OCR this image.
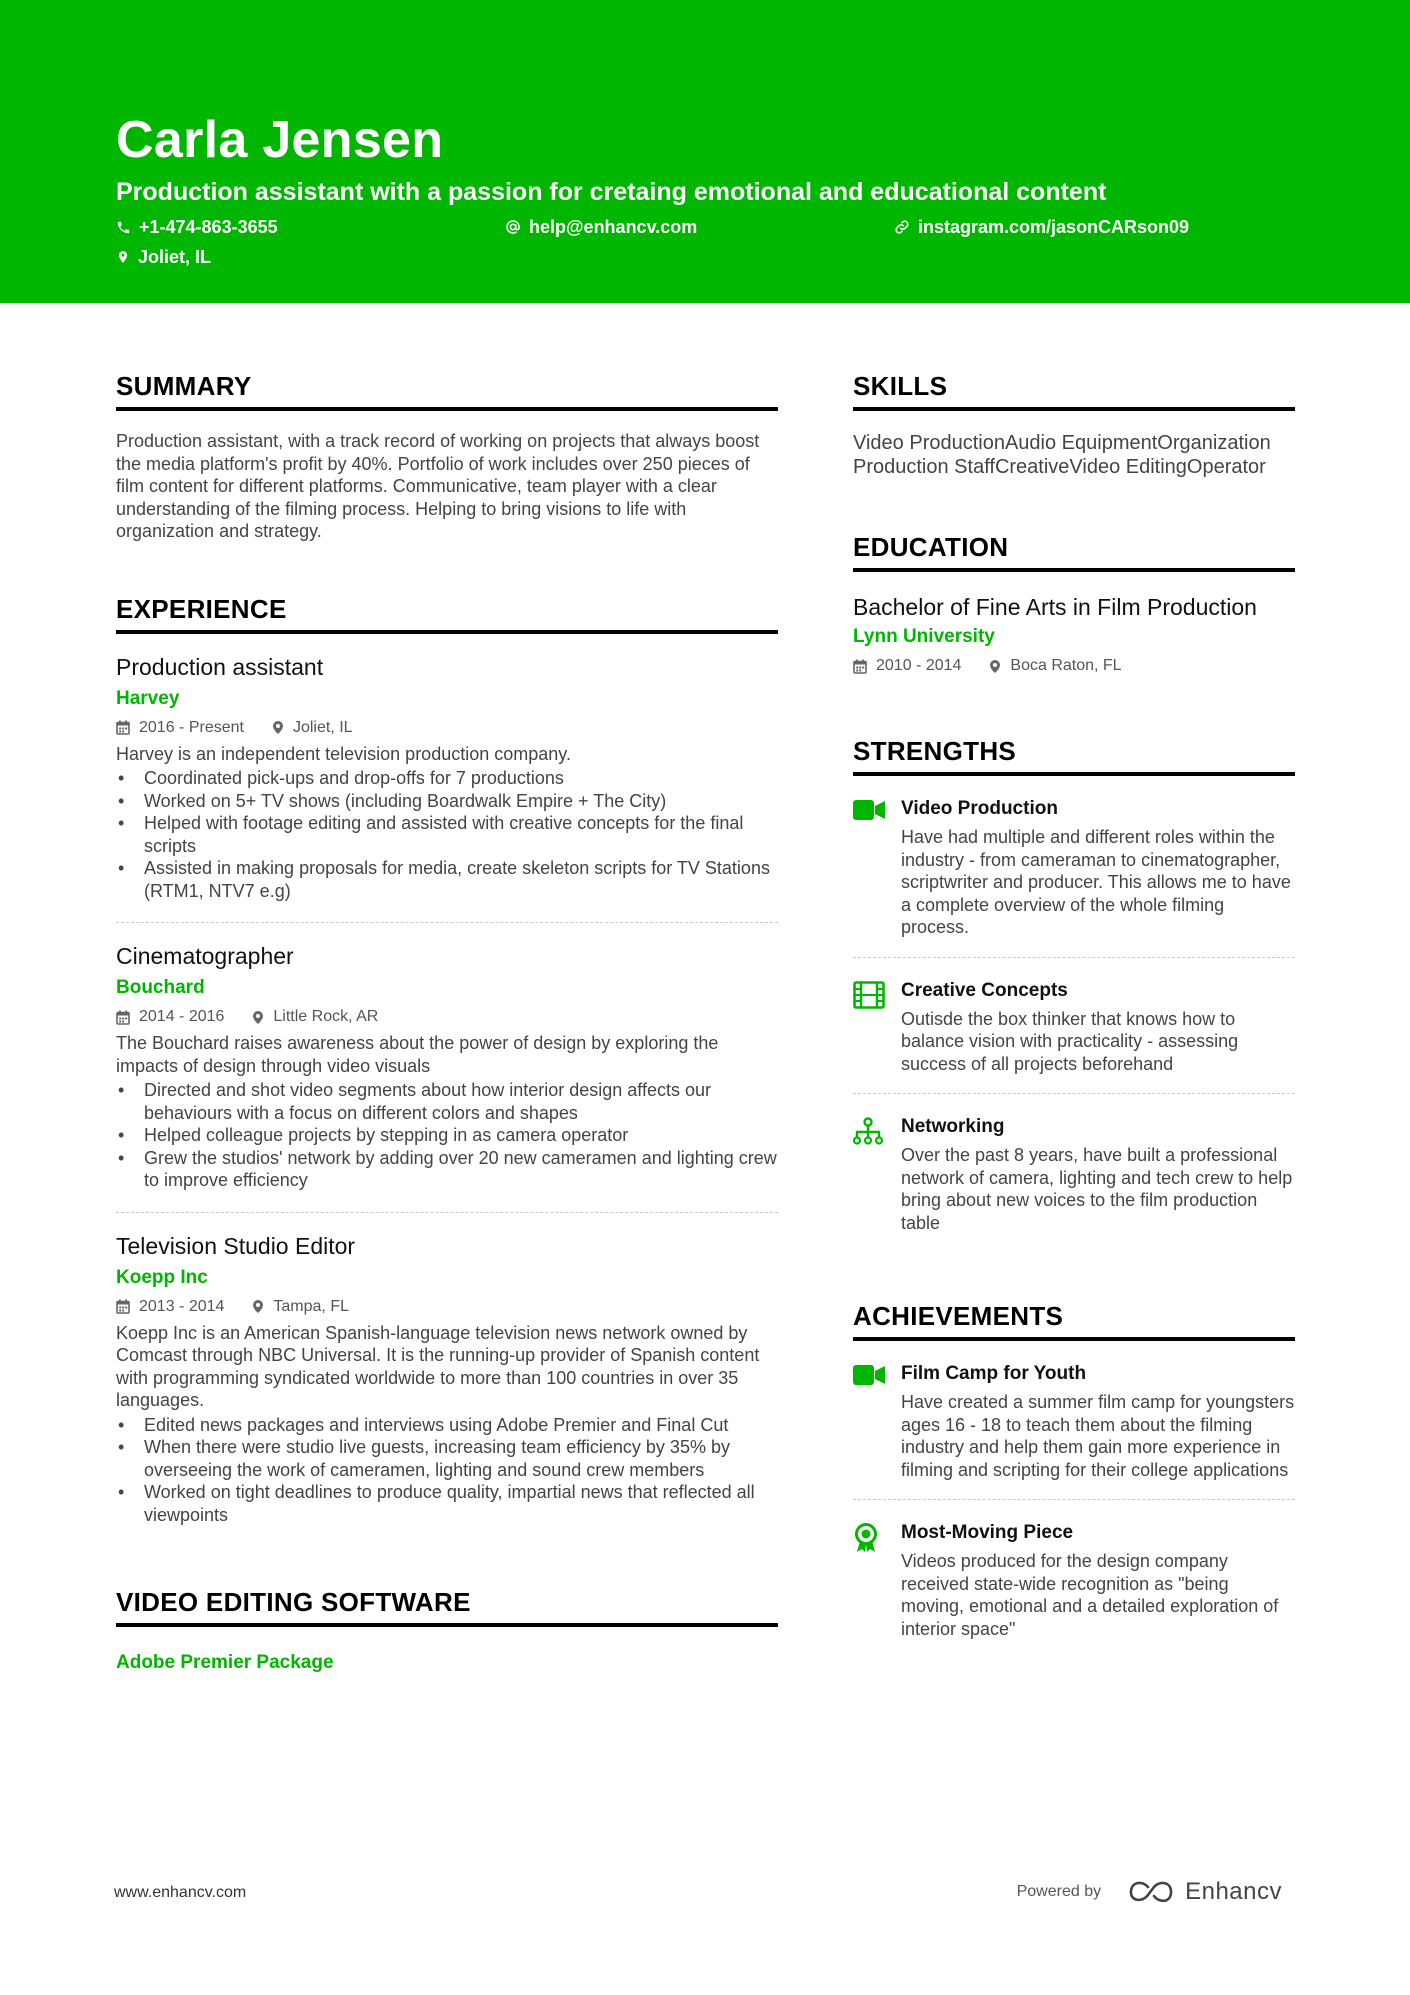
Carla Jensen

Production assistant with a passion for cretaing emotional and educational content

+1-474-863-3655	help@enhancv.com	instagram.com/jasonCARson09
Joliet, IL
SUMMARY

Production assistant, with a track record of working on projects that always boost the media platform's profit by 40%. Portfolio of work includes over 250 pieces of film content for different platforms. Communicative, team player with a clear understanding of the filming process. Helping to bring visions to life with organization and strategy.

EXPERIENCE
Production assistant
Harvey
2016 - Present	Joliet, IL

Harvey is an independent television production company.

• Coordinated pick-ups and drop-offs for 7 productions
• Worked on 5+ TV shows (including Boardwalk Empire + The City)
• Helped with footage editing and assisted with creative concepts for the final scripts
• Assisted in making proposals for media, create skeleton scripts for TV Stations (RTM1, NTV7 e.g)
Cinematographer
Bouchard
2014 - 2016	Little Rock, AR

The Bouchard raises awareness about the power of design by exploring the impacts of design through video visuals

• Directed and shot video segments about how interior design affects our behaviours with a focus on different colors and shapes
• Helped colleague projects by stepping in as camera operator
• Grew the studios' network by adding over 20 new cameramen and lighting crew to improve efficiency
Television Studio Editor
Koepp Inc
2013 - 2014	Tampa, FL

Koepp Inc is an American Spanish-language television news network owned by Comcast through NBC Universal. It is the running-up provider of Spanish content with programming syndicated worldwide to more than 100 countries in over 35 languages.

• Edited news packages and interviews using Adobe Premier and Final Cut
• When there were studio live guests, increasing team efficiency by 35% by overseeing the work of cameramen, lighting and sound crew members
• Worked on tight deadlines to produce quality, impartial news that reflected all viewpoints
VIDEO EDITING SOFTWARE
Adobe Premier Package
SKILLS
Video ProductionAudio EquipmentOrganization
Production StaffCreativeVideo EditingOperator
EDUCATION
Bachelor of Fine Arts in Film Production
Lynn University
2010 - 2014	Boca Raton, FL
STRENGTHS
Video Production
Have had multiple and different roles within the industry - from cameraman to cinematographer, scriptwriter and producer. This allows me to have a complete overview of the whole filming process.
Creative Concepts
Outisde the box thinker that knows how to balance vision with practicality - assessing success of all projects beforehand
Networking
Over the past 8 years, have built a professional network of camera, lighting and tech crew to help bring about new voices to the film production table
ACHIEVEMENTS
Film Camp for Youth
Have created a summer film camp for youngsters ages 16 - 18 to teach them about the filming industry and help them gain more experience in filming and scripting for their college applications
Most-Moving Piece
Videos produced for the design company received state-wide recognition as "being moving, emotional and a detailed exploration of interior space"
www.enhancv.com	Powered by	Enhancv
